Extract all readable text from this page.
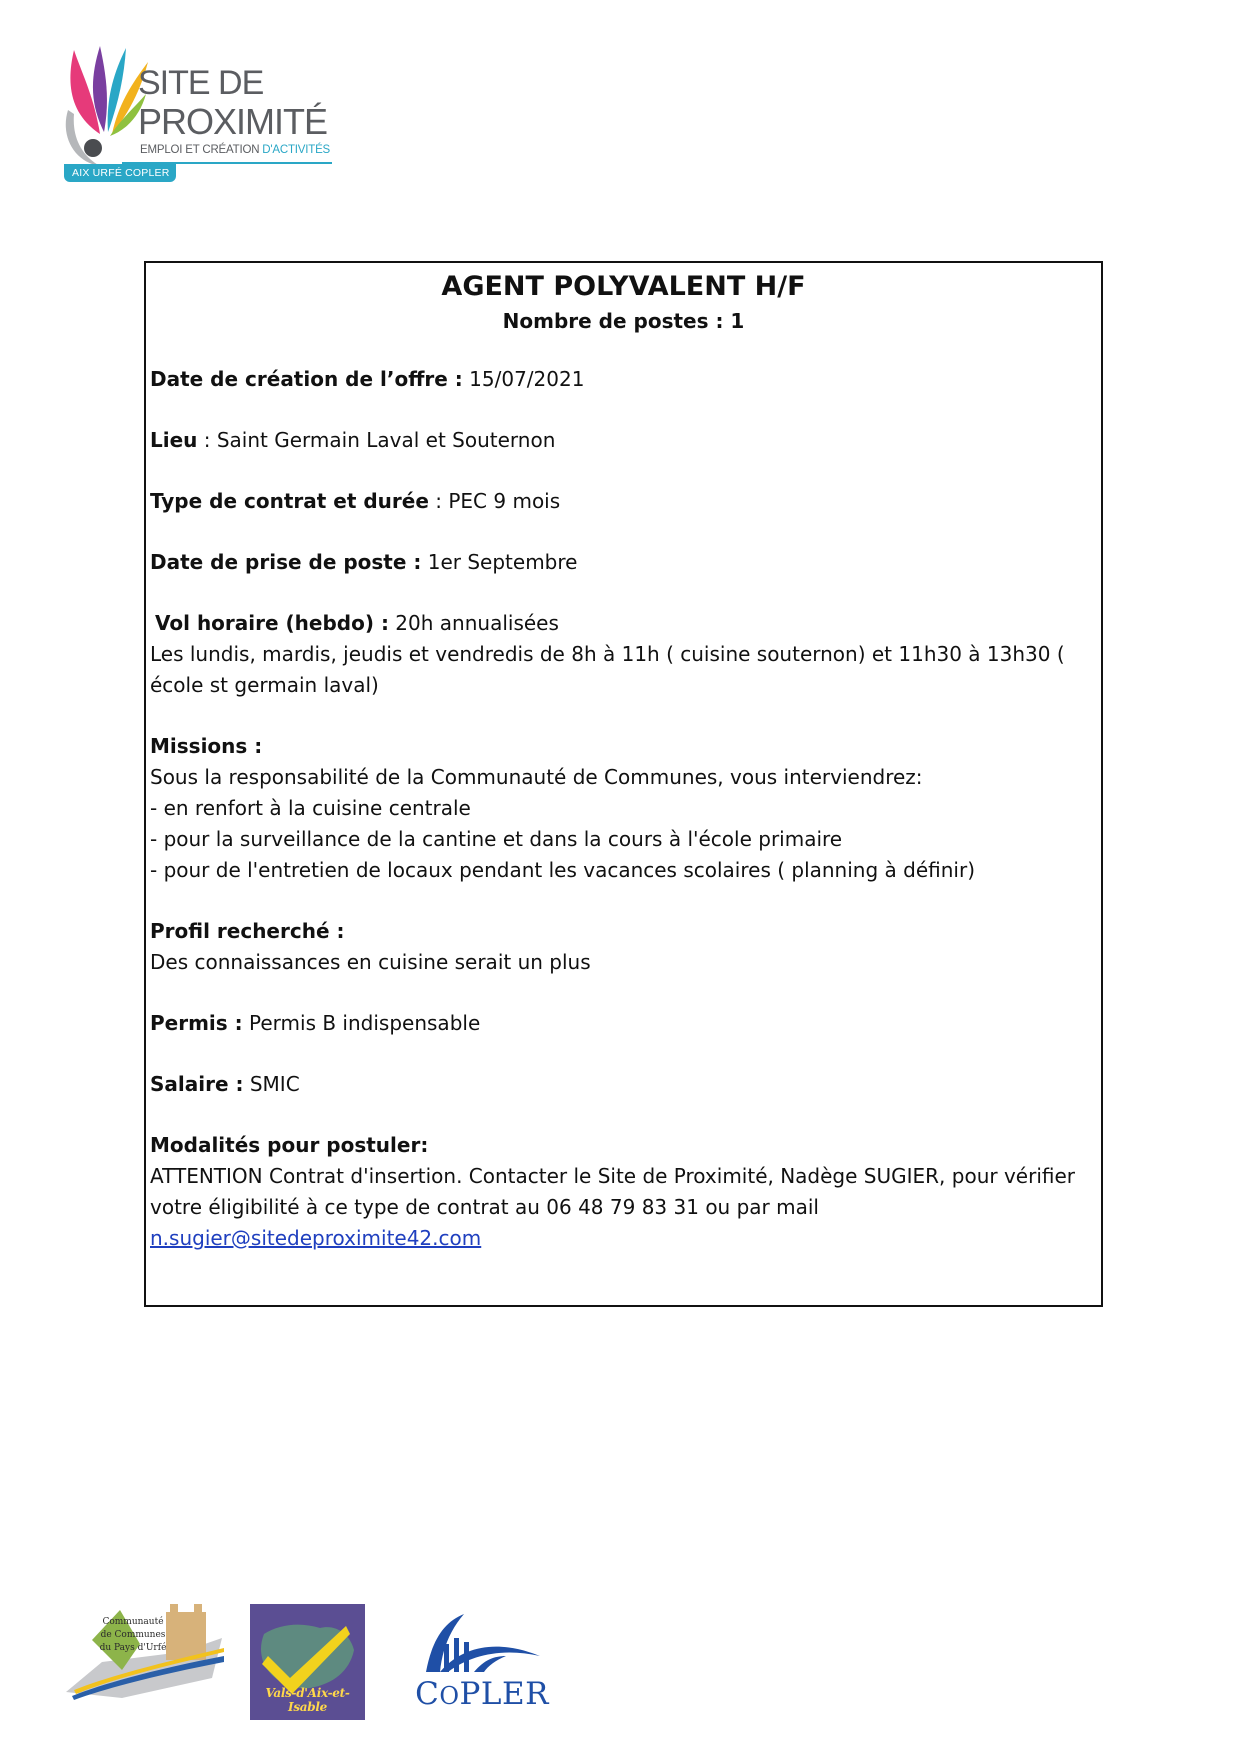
SITE DE
PROXIMITÉ
EMPLOI ET CRÉATION D'ACTIVITÉS
AIX URFÉ COPLER
AGENT POLYVALENT H/F
Nombre de postes : 1

Date de création de l’offre : 15/07/2021

Lieu : Saint Germain Laval et Souternon

Type de contrat et durée : PEC 9 mois

Date de prise de poste : 1er Septembre

Vol horaire (hebdo) : 20h annualisées

Les lundis, mardis, jeudis et vendredis de 8h à 11h ( cuisine souternon) et 11h30 à 13h30 ( école st germain laval)

Missions :

Sous la responsabilité de la Communauté de Communes, vous interviendrez:

- en renfort à la cuisine centrale

- pour la surveillance de la cantine et dans la cours à l'école primaire

- pour de l'entretien de locaux pendant les vacances scolaires ( planning à définir)

Profil recherché :

Des connaissances en cuisine serait un plus

Permis : Permis B indispensable

Salaire : SMIC

Modalités pour postuler:

ATTENTION Contrat d'insertion. Contacter le Site de Proximité, Nadège SUGIER, pour vérifier votre éligibilité à ce type de contrat au 06 48 79 83 31 ou par mail

n.sugier@sitedeproximite42.com

Communauté
de Communes
du Pays d'Urfé
Vals-d'Aix-et-Isable	COPLER
